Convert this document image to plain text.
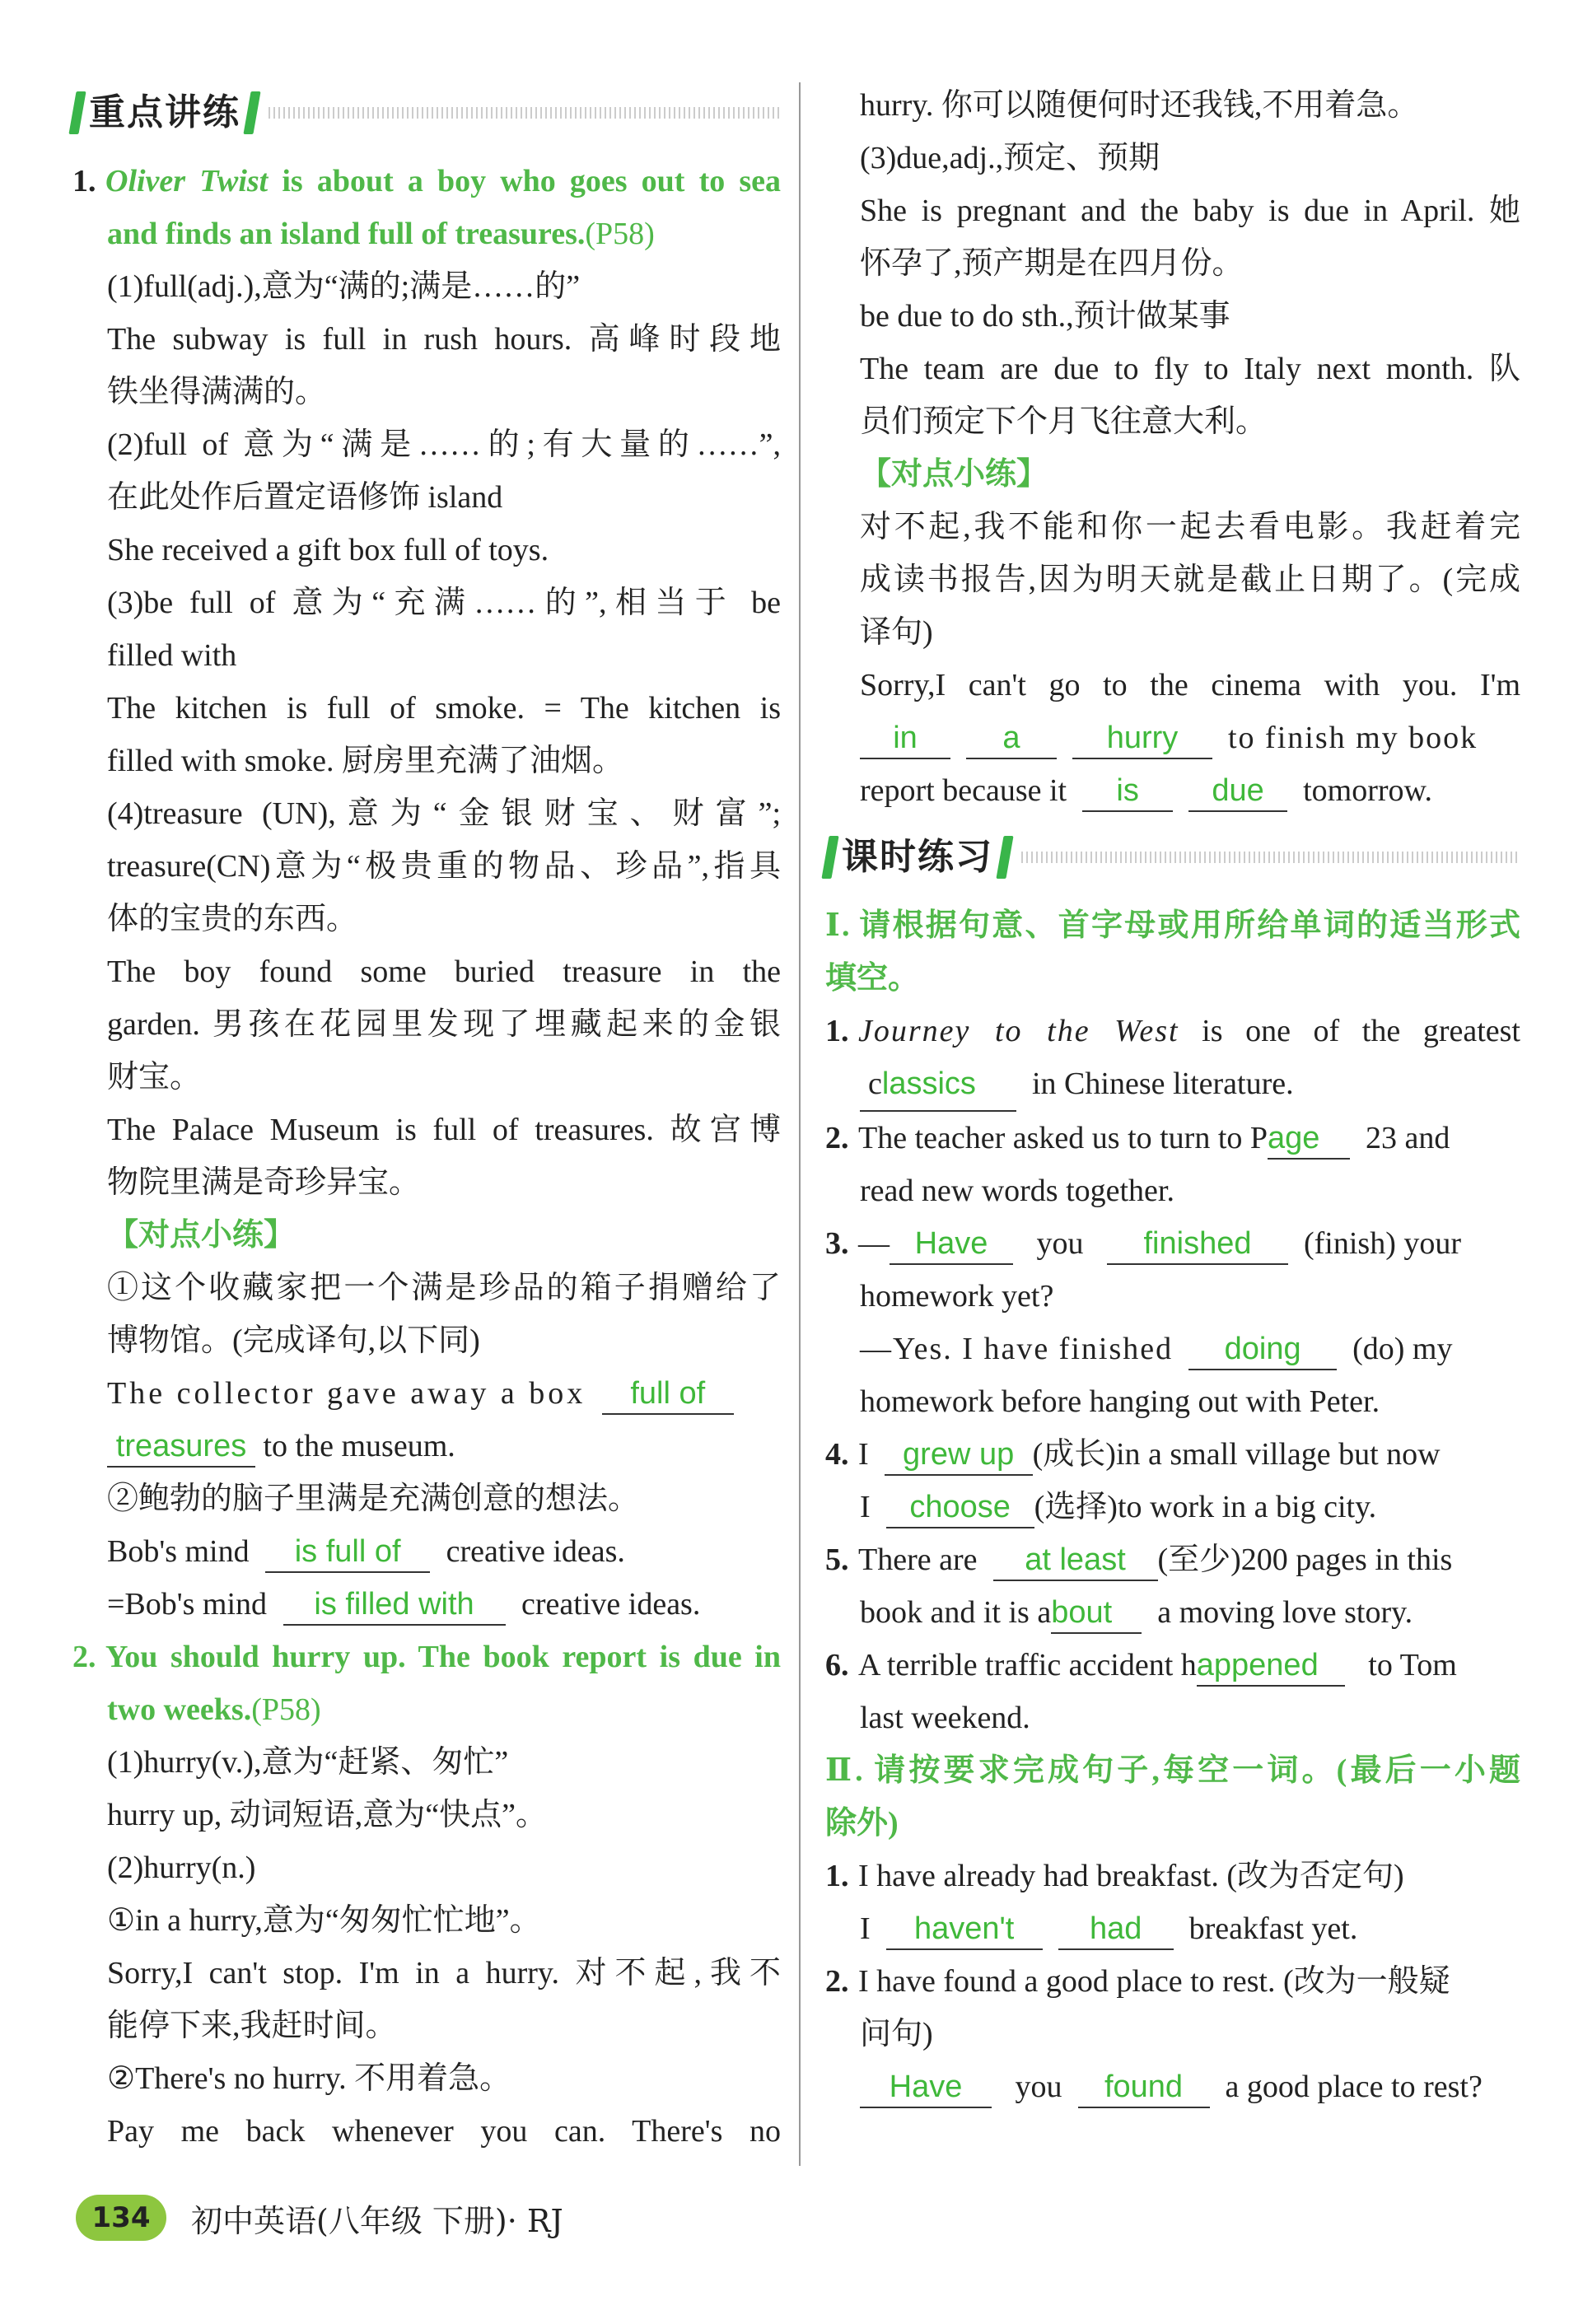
重点讲练
1. Oliver Twist is about a boy who goes out to sea
and finds an island full of treasures.(P58)
(1)full(adj.),意为“满的;满是……的”
The subway is full in rush hours. 高峰时段地
铁坐得满满的。
(2)full of 意为“满是……的;有大量的……”,
在此处作后置定语修饰 island
She received a gift box full of toys.
(3)be full of 意为“充满……的”,相当于 be
filled with
The kitchen is full of smoke. = The kitchen is
filled with smoke. 厨房里充满了油烟。
(4)treasure (UN),意为“金银财宝、财富”;
treasure(CN)意为“极贵重的物品、珍品”,指具
体的宝贵的东西。
The boy found some buried treasure in the
garden. 男孩在花园里发现了埋藏起来的金银
财宝。
The Palace Museum is full of treasures. 故宫博
物院里满是奇珍异宝。
【对点小练】
①这个收藏家把一个满是珍品的箱子捐赠给了
博物馆。(完成译句,以下同)
The collector gave away a box full of
treasures to the museum.
②鲍勃的脑子里满是充满创意的想法。
Bob's mind is full of creative ideas.
=Bob's mind is filled with creative ideas.
2. You should hurry up. The book report is due in
two weeks.(P58)
(1)hurry(v.),意为“赶紧、匆忙”
hurry up, 动词短语,意为“快点”。
(2)hurry(n.)
①in a hurry,意为“匆匆忙忙地”。
Sorry,I can't stop. I'm in a hurry. 对不起,我不
能停下来,我赶时间。
②There's no hurry. 不用着急。
Pay me back whenever you can. There's no
hurry. 你可以随便何时还我钱,不用着急。
(3)due,adj.,预定、预期
She is pregnant and the baby is due in April. 她
怀孕了,预产期是在四月份。
be due to do sth.,预计做某事
The team are due to fly to Italy next month. 队
员们预定下个月飞往意大利。
【对点小练】
对不起,我不能和你一起去看电影。我赶着完
成读书报告,因为明天就是截止日期了。(完成
译句)
Sorry,I can't go to the cinema with you. I'm
in	a	hurry to finish my book
report because it is due tomorrow.
课时练习
Ⅰ. 请根据句意、首字母或用所给单词的适当形式
填空。
1. Journey to the West is one of the greatest
classics in Chinese literature.
2. The teacher asked us to turn to Page 23 and
read new words together.
3. — Have you finished (finish) your
homework yet?
—Yes. I have finished doing (do) my
homework before hanging out with Peter.
4. I grew up (成长)in a small village but now
I choose (选择)to work in a big city.
5. There are at least (至少)200 pages in this
book and it is about a moving love story.
6. A terrible traffic accident happened to Tom
last weekend.
Ⅱ. 请按要求完成句子,每空一词。(最后一小题
除外)
1. I have already had breakfast. (改为否定句)
I haven't had breakfast yet.
2. I have found a good place to rest. (改为一般疑
问句)
Have you found a good place to rest?
134	初中英语(八年级 下册)· RJ
